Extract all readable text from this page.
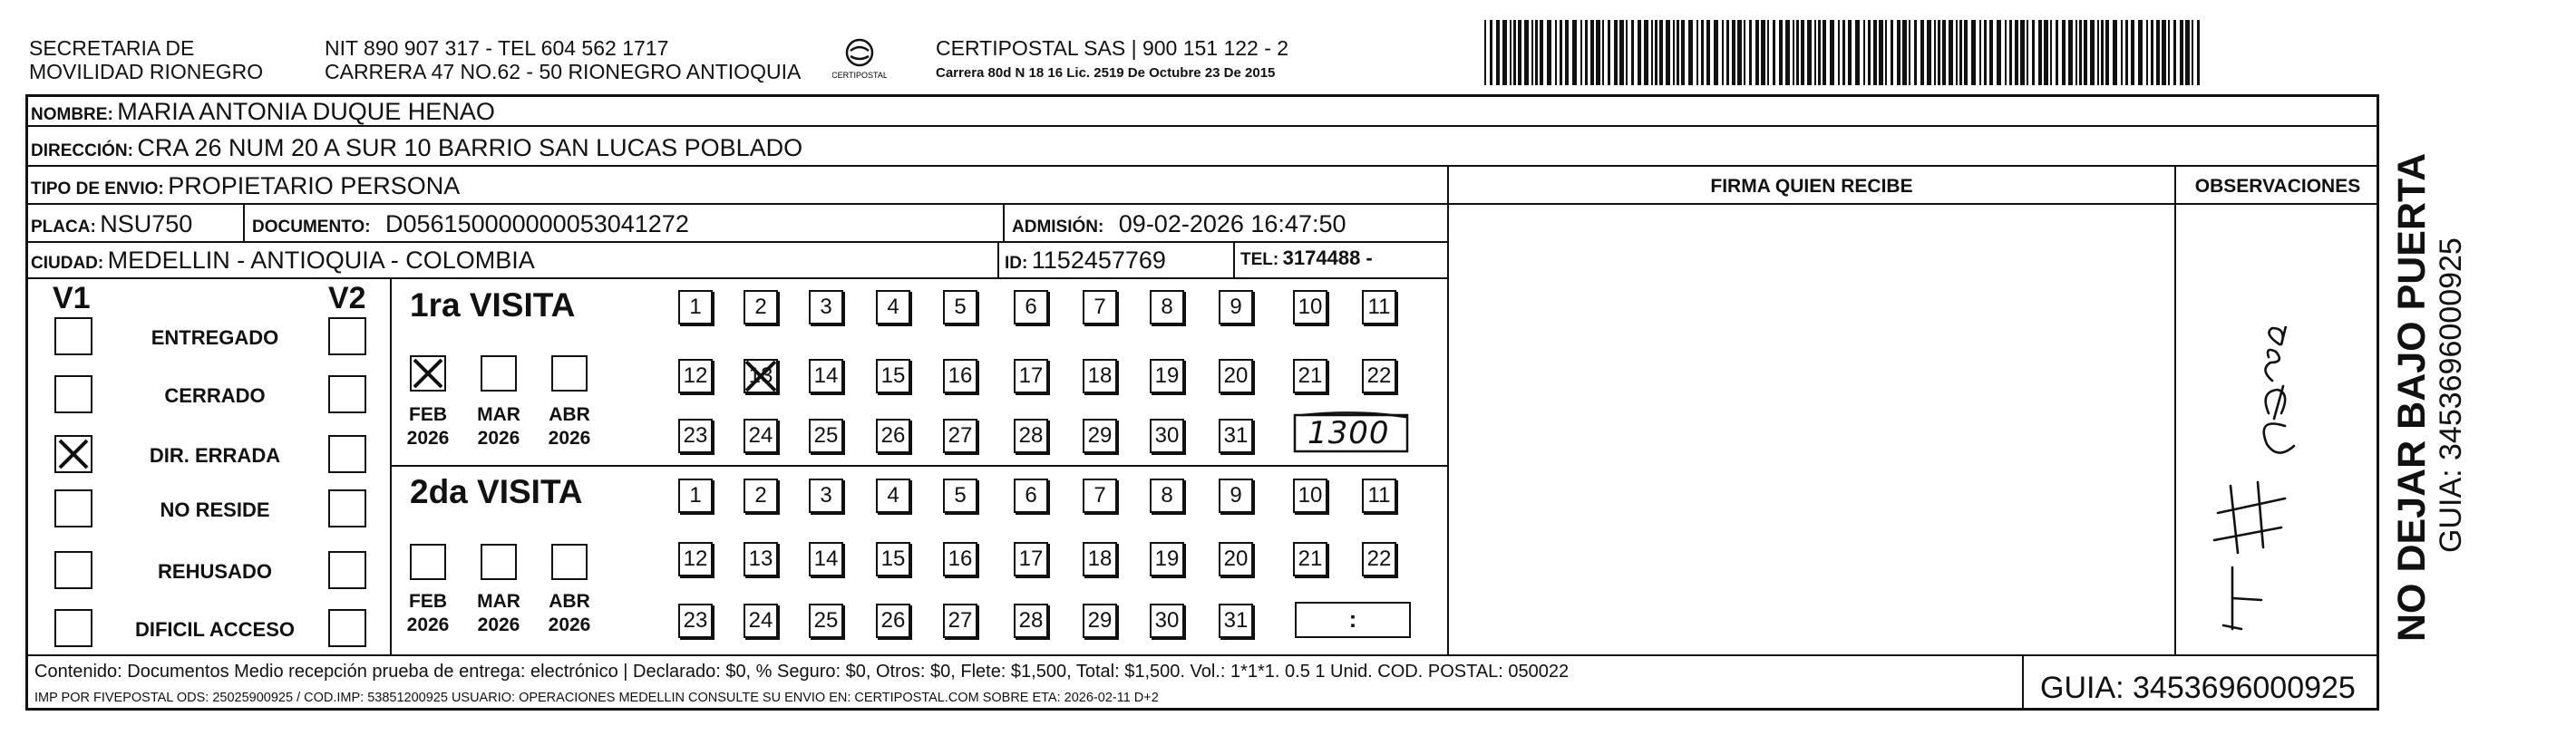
SECRETARIA DE
MOVILIDAD RIONEGRO
NIT 890 907 317 - TEL 604 562 1717
CARRERA 47 NO.62 - 50 RIONEGRO ANTIOQUIA	CERTIPOSTAL
CERTIPOSTAL SAS | 900 151 122 - 2
Carrera 80d N 18 16 Lic. 2519 De Octubre 23 De 2015
NOMBRE: MARIA ANTONIA DUQUE HENAO
DIRECCIÓN: CRA 26 NUM 20 A SUR 10 BARRIO SAN LUCAS POBLADO
TIPO DE ENVIO: PROPIETARIO PERSONA	FIRMA QUIEN RECIBE	OBSERVACIONES
PLACA: NSU750	DOCUMENTO: D056150000000053041272	ADMISIÓN: 09-02-2026 16:47:50
CIUDAD: MEDELLIN - ANTIOQUIA - COLOMBIA	ID: 1152457769	TEL: 3174488 -
V1	V2
ENTREGADO
CERRADO
DIR. ERRADA
NO RESIDE
REHUSADO
DIFICIL ACCESO
1ra VISITA
2da VISITA
1	2	3	4	5	6	7	8	9	10 11
12 13 14 15 16 17 18 19 20 21 22
23 24 25 26 27 28 29 30 31
1	2	3	4	5	6	7	8	9	10 11
12 13 14 15 16 17 18 19 20 21 22
23 24 25 26 27 28 29 30 31
FEB
2026
MAR
2026
ABR
2026
FEB
2026
MAR
2026
ABR
2026
1300
:
Contenido: Documentos Medio recepción prueba de entrega: electrónico | Declarado: $0, % Seguro: $0, Otros: $0, Flete: $1,500, Total: $1,500. Vol.: 1*1*1. 0.5 1 Unid. COD. POSTAL: 050022
IMP POR FIVEPOSTAL ODS: 25025900925 / COD.IMP: 53851200925 USUARIO: OPERACIONES MEDELLIN CONSULTE SU ENVIO EN: CERTIPOSTAL.COM SOBRE ETA: 2026-02-11 D+2	GUIA: 3453696000925
NO DEJAR BAJO PUERTA GUIA: 3453696000925
